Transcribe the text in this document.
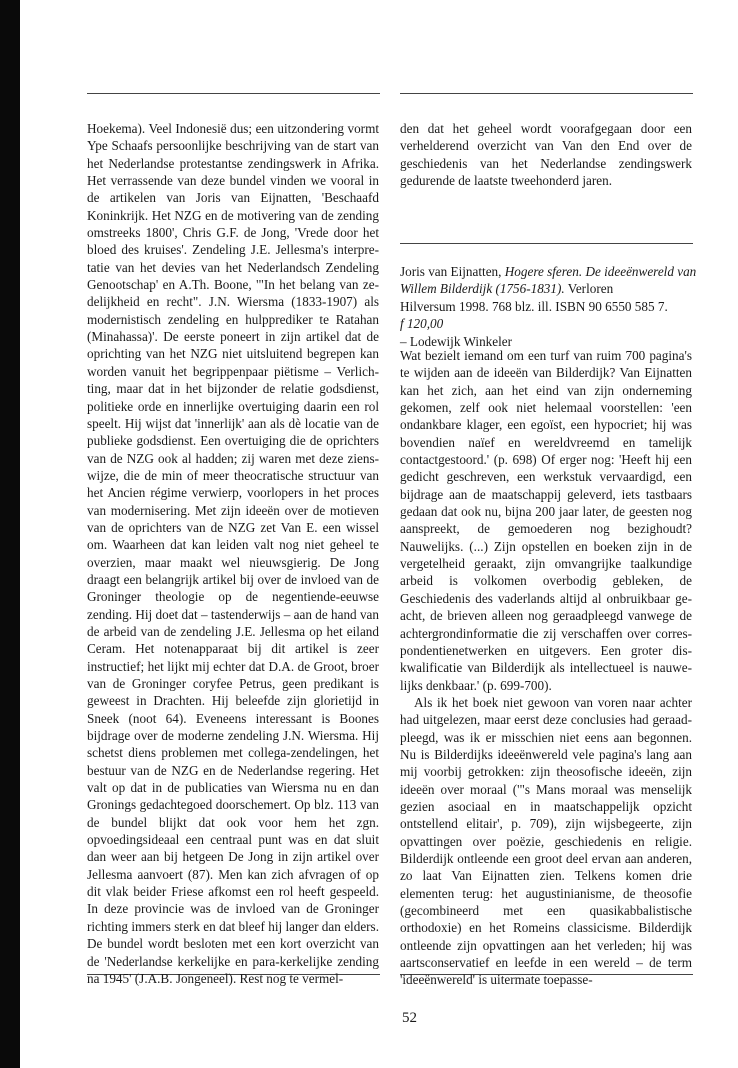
Hoekema). Veel Indonesië dus; een uitzondering vormt Ype Schaafs persoonlijke beschrijving van de start van het Nederlandse protestantse zendingswerk in Afrika. Het verrassende van deze bundel vinden we vooral in de artikelen van Joris van Eijnatten, 'Beschaafd Koninkrijk. Het NZG en de motivering van de zending omstreeks 1800', Chris G.F. de Jong, 'Vrede door het bloed des kruises'. Zendeling J.E. Jellesma's interpretatie van het devies van het Nederlandsch Zendeling Genootschap' en A.Th. Boone, '"In het belang van zedelijkheid en recht". J.N. Wiersma (1833-1907) als modernistisch zendeling en hulpprediker te Ratahan (Minahassa)'. De eerste poneert in zijn artikel dat de oprichting van het NZG niet uitsluitend begrepen kan worden vanuit het begrippenpaar piëtisme – Verlichting, maar dat in het bijzonder de relatie godsdienst, politieke orde en innerlijke overtuiging daarin een rol speelt. Hij wijst dat 'innerlijk' aan als dè locatie van de publieke godsdienst. Een overtuiging die de oprichters van de NZG ook al hadden; zij waren met deze zienswijze, die de min of meer theocratische structuur van het Ancien régime verwierp, voorlopers in het proces van modernisering. Met zijn ideeën over de motieven van de oprichters van de NZG zet Van E. een wissel om. Waarheen dat kan leiden valt nog niet geheel te overzien, maar maakt wel nieuwsgierig. De Jong draagt een belangrijk artikel bij over de invloed van de Groninger theologie op de negentiende-eeuwse zending. Hij doet dat – tastenderwijs – aan de hand van de arbeid van de zendeling J.E. Jellesma op het eiland Ceram. Het notenapparaat bij dit artikel is zeer instructief; het lijkt mij echter dat D.A. de Groot, broer van de Groninger coryfee Petrus, geen predikant is geweest in Drachten. Hij beleefde zijn glorietijd in Sneek (noot 64). Eveneens interessant is Boones bijdrage over de moderne zendeling J.N. Wiersma. Hij schetst diens problemen met collega-zendelingen, het bestuur van de NZG en de Nederlandse regering. Het valt op dat in de publicaties van Wiersma nu en dan Gronings gedachtegoed doorschemert. Op blz. 113 van de bundel blijkt dat ook voor hem het zgn. opvoedingsideaal een centraal punt was en dat sluit dan weer aan bij hetgeen De Jong in zijn artikel over Jellesma aanvoert (87). Men kan zich afvragen of op dit vlak beider Friese afkomst een rol heeft gespeeld. In deze provincie was de invloed van de Groninger richting immers sterk en dat bleef hij langer dan elders. De bundel wordt besloten met een kort overzicht van de 'Nederlandse kerkelijke en para-kerkelijke zending na 1945' (J.A.B. Jongeneel). Rest nog te vermel-
den dat het geheel wordt voorafgegaan door een verhelderend overzicht van Van den End over de geschiedenis van het Nederlandse zendingswerk gedurende de laatste tweehonderd jaren.
Joris van Eijnatten, Hogere sferen. De ideeënwereld van Willem Bilderdijk (1756-1831). Verloren
Hilversum 1998. 768 blz. ill. ISBN 90 6550 585 7.
f 120,00
– Lodewijk Winkeler

Wat bezielt iemand om een turf van ruim 700 pagina's te wijden aan de ideeën van Bilderdijk? Van Eijnatten kan het zich, aan het eind van zijn onderneming gekomen, zelf ook niet helemaal voorstellen: 'een ondankbare klager, een egoïst, een hypocriet; hij was bovendien naïef en wereldvreemd en tamelijk contactgestoord.' (p. 698) Of erger nog: 'Heeft hij een gedicht geschreven, een werkstuk vervaardigd, een bijdrage aan de maatschappij geleverd, iets tastbaars gedaan dat ook nu, bijna 200 jaar later, de geesten nog aanspreekt, de gemoederen nog bezighoudt? Nauwelijks. (...) Zijn opstellen en boeken zijn in de vergetelheid geraakt, zijn omvangrijke taalkundige arbeid is volkomen overbodig gebleken, de Geschiedenis des vaderlands altijd al onbruikbaar geacht, de brieven alleen nog geraadpleegd vanwege de achtergrondinformatie die zij verschaffen over correspondentienetwerken en uitgevers. Een groter diskwalificatie van Bilderdijk als intellectueel is nauwelijks denkbaar.' (p. 699-700).

Als ik het boek niet gewoon van voren naar achter had uitgelezen, maar eerst deze conclusies had geraadpleegd, was ik er misschien niet eens aan begonnen. Nu is Bilderdijks ideeënwereld vele pagina's lang aan mij voorbij getrokken: zijn theosofische ideeën, zijn ideeën over moraal ('"s Mans moraal was menselijk gezien asociaal en in maatschappelijk opzicht ontstellend elitair', p. 709), zijn wijsbegeerte, zijn opvattingen over poëzie, geschiedenis en religie. Bilderdijk ontleende een groot deel ervan aan anderen, zo laat Van Eijnatten zien. Telkens komen drie elementen terug: het augustinianisme, de theosofie (gecombineerd met een quasikabbalistische orthodoxie) en het Romeins classicisme. Bilderdijk ontleende zijn opvattingen aan het verleden; hij was aartsconservatief en leefde in een wereld – de term 'ideeënwereld' is uitermate toepasse-

52
